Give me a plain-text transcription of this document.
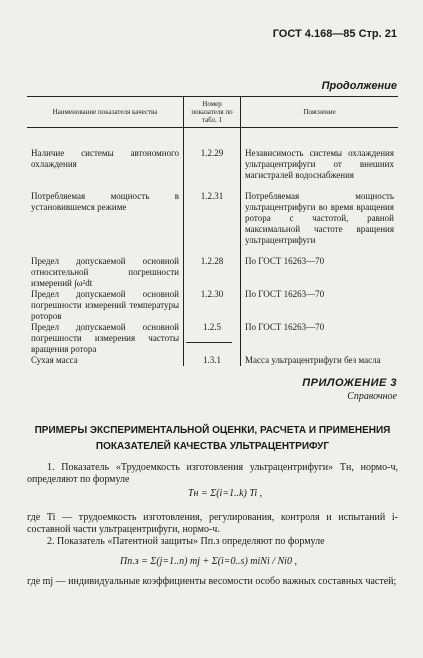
ГОСТ 4.168—85 Стр. 21
Продолжение
Наименование показателя качества	Номер показателя по табл. 1	Пояснение
Наличие системы автономного охлаждения	1.2.29	Независимость системы охлаждения ультрацентрифуги от внешних магистралей водоснабжения
Потребляемая мощность в установившемся режиме	1.2.31	Потребляемая мощность ультрацентрифуги во время вращения ротора с частотой, равной максимальной частоте вращения ультрацентрифуги
Предел допускаемой основной относительной погрешности измерений ∫ω²dt	1.2.28	По ГОСТ 16263—70
Предел допускаемой основной погрешности измерений температуры роторов	1.2.30	По ГОСТ 16263—70
Предел допускаемой основной погрешности измерения частоты вращения ротора	1.2.5	По ГОСТ 16263—70
Сухая масса	1.3.1	Масса ультрацентрифуги без масла
ПРИЛОЖЕНИЕ 3
Справочное
ПРИМЕРЫ ЭКСПЕРИМЕНТАЛЬНОЙ ОЦЕНКИ, РАСЧЕТА И ПРИМЕНЕНИЯ ПОКАЗАТЕЛЕЙ КАЧЕСТВА УЛЬТРАЦЕНТРИФУГ
1. Показатель «Трудоемкость изготовления ультрацентрифуги» Tн, нормо-ч, определяют по формуле
Tн = Σ(i=1..k) Ti ,
где Ti — трудоемкость изготовления, регулирования, контроля и испытаний i-составной части ультрацентрифуги, нормо-ч.
2. Показатель «Патентной защиты» Пп.з определяют по формуле
Пп.з = Σ(j=1..n) mj + Σ(i=0..s) miNi / Ni0 ,
где mj — индивидуальные коэффициенты весомости особо важных составных частей;
